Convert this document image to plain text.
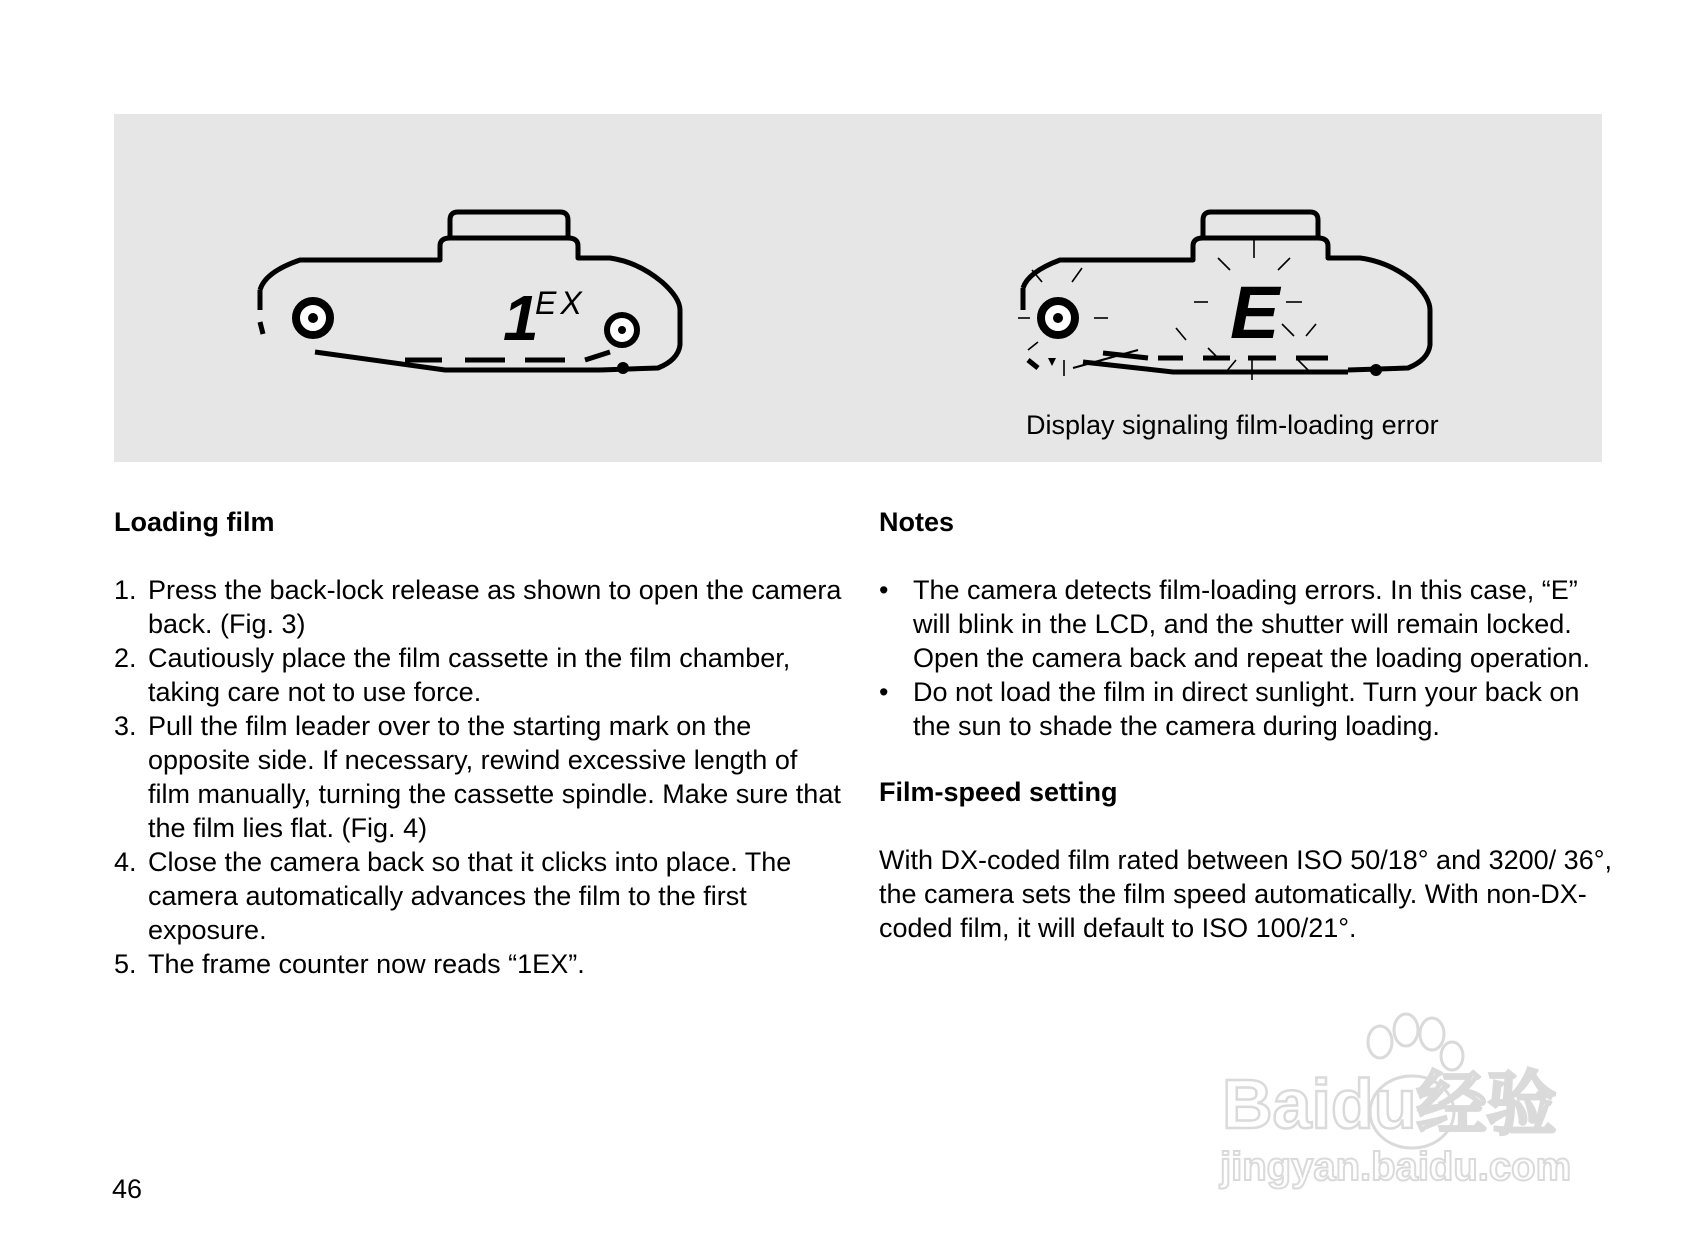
1
EX	E
Display signaling film-loading error
Loading film
1. Press the back-lock release as shown to open the camera back. (Fig. 3)
2. Cautiously place the film cassette in the film chamber, taking care not to use force.
3. Pull the film leader over to the starting mark on the opposite side. If necessary, rewind excessive length of film manually, turning the cassette spindle. Make sure that the film lies flat. (Fig. 4)
4. Close the camera back so that it clicks into place. The camera automatically advances the film to the first exposure.
5. The frame counter now reads “1EX”.
Notes
• The camera detects film-loading errors. In this case, “E” will blink in the LCD, and the shutter will remain locked. Open the camera back and repeat the loading operation.
• Do not load the film in direct sunlight. Turn your back on the sun to shade the camera during loading.
Film-speed setting

With DX-coded film rated between ISO 50/18° and 3200/ 36°, the camera sets the film speed automatically. With non-DX-coded film, it will default to ISO 100/21°.

46
Baidu经验
jingyan.baidu.com
